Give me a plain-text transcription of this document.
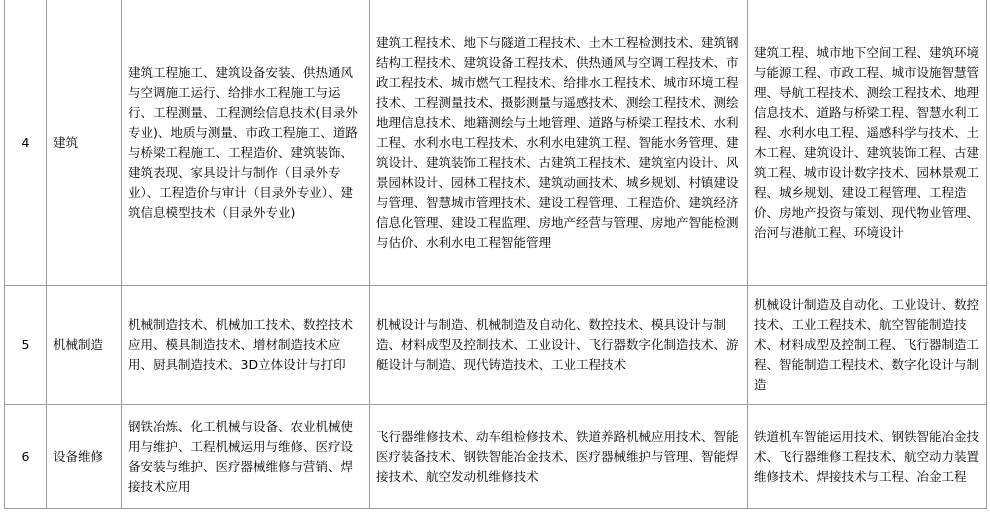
4	建筑	建筑工程施工、建筑设备安装、供热通风与空调施工运行、给排水工程施工与运行、工程测量、工程测绘信息技术(目录外专业)、地质与测量、市政工程施工、道路与桥梁工程施工、工程造价、建筑装饰、建筑表现、家具设计与制作（目录外专业）、工程造价与审计（目录外专业）、建筑信息模型技术（目录外专业)	建筑工程技术、地下与隧道工程技术、土木工程检测技术、建筑钢结构工程技术、建筑设备工程技术、供热通风与空调工程技术、市政工程技术、城市燃气工程技术、给排水工程技术、城市环境工程技术、工程测量技术、摄影测量与遥感技术、测绘工程技术、测绘地理信息技术、地籍测绘与土地管理、道路与桥梁工程技术、水利工程、水利水电工程技术、水利水电建筑工程、智能水务管理、建筑设计、建筑装饰工程技术、古建筑工程技术、建筑室内设计、风景园林设计、园林工程技术、建筑动画技术、城乡规划、村镇建设与管理、智慧城市管理技术、建设工程管理、工程造价、建筑经济信息化管理、建设工程监理、房地产经营与管理、房地产智能检测与估价、水利水电工程智能管理	建筑工程、城市地下空间工程、建筑环境与能源工程、市政工程、城市设施智慧管理、导航工程技术、测绘工程技术、地理信息技术、道路与桥梁工程、智慧水利工程、水利水电工程、遥感科学与技术、土木工程、建筑设计、建筑装饰工程、古建筑工程、城市设计数字技术、园林景观工程、城乡规划、建设工程管理、工程造价、房地产投资与策划、现代物业管理、治河与港航工程、环境设计
5	机械制造	机械制造技术、机械加工技术、数控技术应用、模具制造技术、增材制造技术应用、厨具制造技术、3D立体设计与打印	机械设计与制造、机械制造及自动化、数控技术、模具设计与制造、材料成型及控制技术、工业设计、飞行器数字化制造技术、游艇设计与制造、现代铸造技术、工业工程技术	机械设计制造及自动化、工业设计、数控技术、工业工程技术、航空智能制造技术、材料成型及控制工程、飞行器制造工程、智能制造工程技术、数字化设计与制造
6	设备维修	钢铁冶炼、化工机械与设备、农业机械使用与维护、工程机械运用与维修、医疗设备安装与维护、医疗器械维修与营销、焊接技术应用	飞行器维修技术、动车组检修技术、铁道养路机械应用技术、智能医疗装备技术、钢铁智能冶金技术、医疗器械维护与管理、智能焊接技术、航空发动机维修技术	铁道机车智能运用技术、钢铁智能冶金技术、飞行器维修工程技术、航空动力装置维修技术、焊接技术与工程、冶金工程
